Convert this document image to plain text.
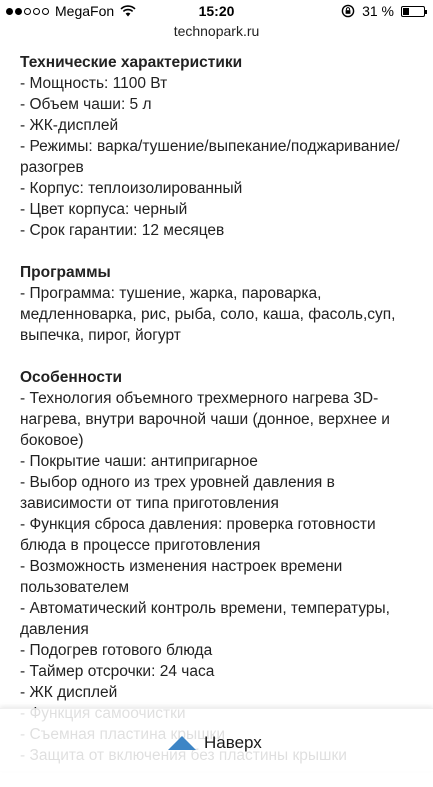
MegaFon	15:20	31 %
technopark.ru
Технические характеристики
- Мощность: 1100 Вт
- Объем чаши: 5 л
- ЖК-дисплей
- Режимы: варка/тушение/выпекание/поджаривание/
разогрев
- Корпус: теплоизолированный
- Цвет корпуса: черный
- Срок гарантии: 12 месяцев
Программы
- Программа: тушение, жарка, пароварка,
медленноварка, рис, рыба, соло, каша, фасоль,суп,
выпечка, пирог, йогурт
Особенности
- Технология объемного трехмерного нагрева 3D-
нагрева, внутри варочной чаши (донное, верхнее и
боковое)
- Покрытие чаши: антипригарное
- Выбор одного из трех уровней давления в
зависимости от типа приготовления
- Функция сброса давления: проверка готовности
блюда в процессе приготовления
- Возможность изменения настроек времени
пользователем
- Автоматический контроль времени, температуры,
давления
- Подогрев готового блюда
- Таймер отсрочки: 24 часа
- ЖК дисплей
Наверх
